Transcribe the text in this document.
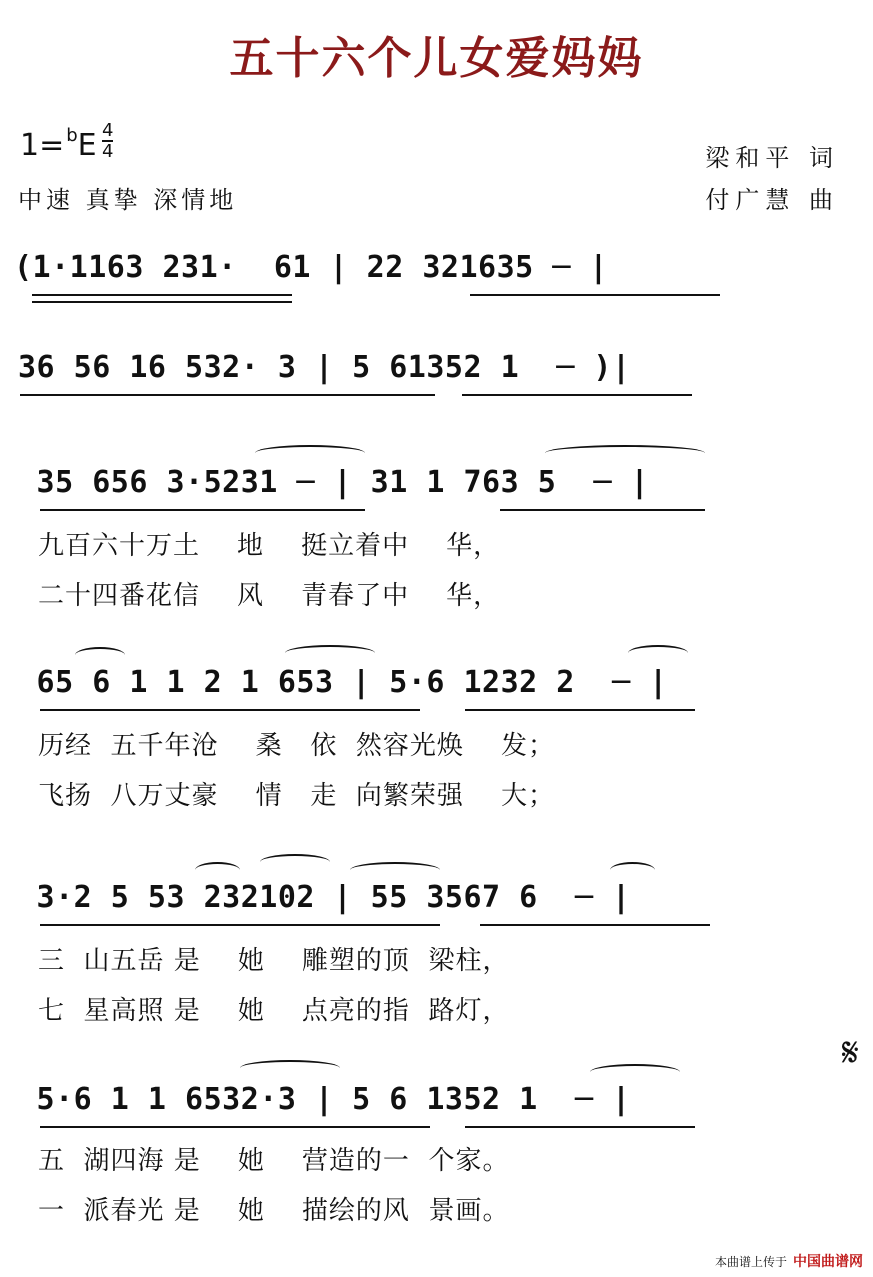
五十六个儿女爱妈妈
1= $^b$E 4
4
中速 真挚 深情地
梁和平 词
付广慧 曲
(1·1163 231·  61 | 22 321635 ─ |
36 56 16 532· 3 | 5 61352 1  ─ )|
35 656 3·5231 ─ | 31 1 763 5  ─ |
九百六十万土    地    挺立着中    华，
二十四番花信    风    青春了中    华，
65 6 1 1 2 1 653 | 5·6 1232 2  ─ |
历经  五千年沧    桑   依  然容光焕    发；
飞扬  八万丈豪    情   走  向繁荣强    大；
3·2 5 53 232102 | 55 3567 6  ─ |
三  山五岳 是    她    雕塑的顶  梁柱，
七  星高照 是    她    点亮的指  路灯，
5·6 1 1 6532·3 | 5 6 1352 1  ─ |
五  湖四海 是    她    营造的一  个家。
一  派春光 是    她    描绘的风  景画。
𝄋
本曲谱上传于 中国曲谱网
